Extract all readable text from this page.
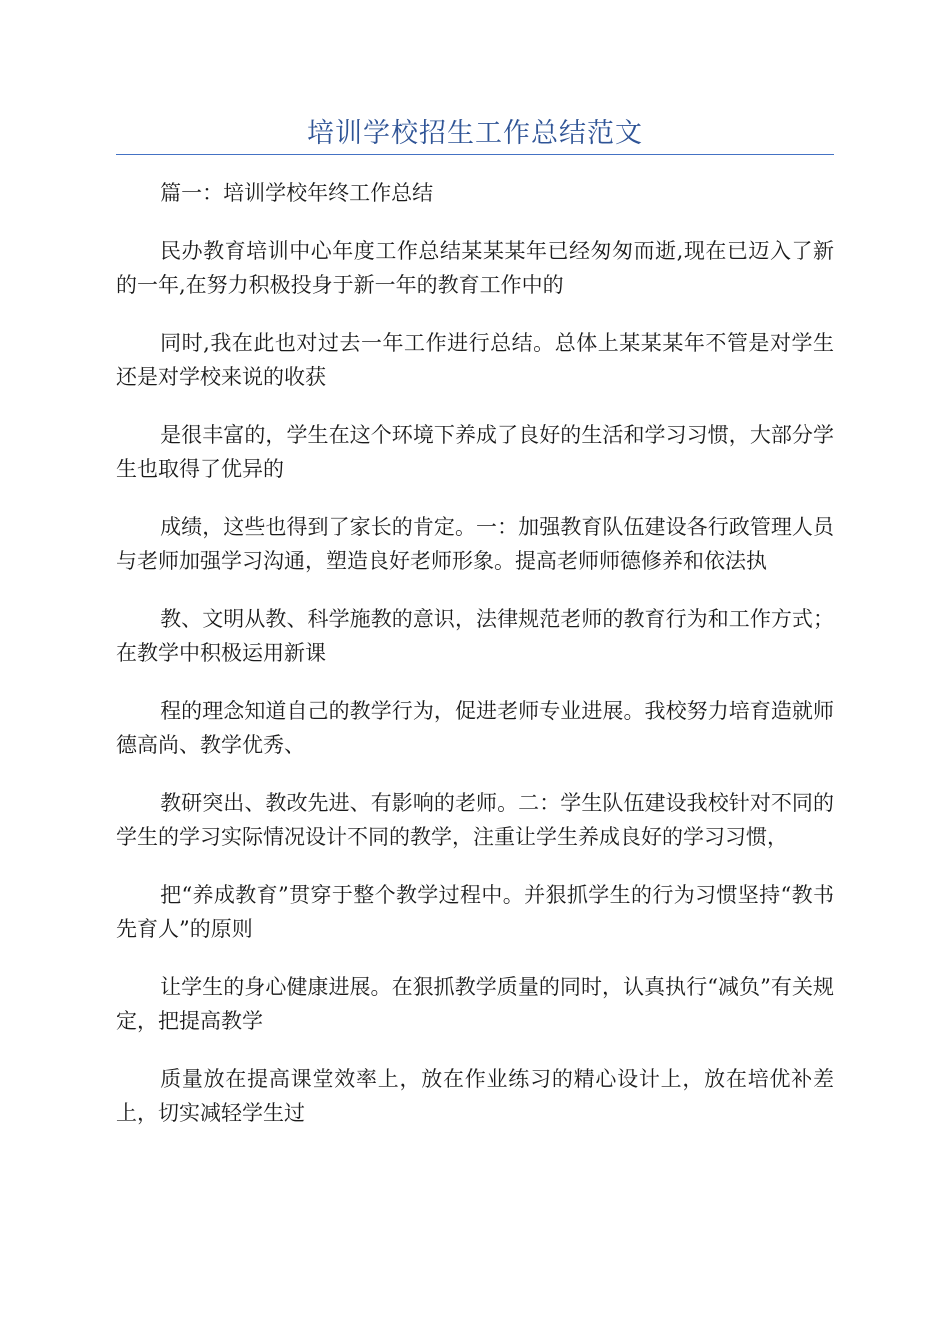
培训学校招生工作总结范文

篇一：培训学校年终工作总结

民办教育培训中心年度工作总结某某某年已经匆匆而逝,现在已迈入了新的一年,在努力积极投身于新一年的教育工作中的

同时,我在此也对过去一年工作进行总结。总体上某某某年不管是对学生还是对学校来说的收获

是很丰富的，学生在这个环境下养成了良好的生活和学习习惯，大部分学生也取得了优异的

成绩，这些也得到了家长的肯定。一：加强教育队伍建设各行政管理人员与老师加强学习沟通，塑造良好老师形象。提高老师师德修养和依法执

教、文明从教、科学施教的意识，法律规范老师的教育行为和工作方式；在教学中积极运用新课

程的理念知道自己的教学行为，促进老师专业进展。我校努力培育造就师德高尚、教学优秀、

教研突出、教改先进、有影响的老师。二：学生队伍建设我校针对不同的学生的学习实际情况设计不同的教学，注重让学生养成良好的学习习惯，

把“养成教育”贯穿于整个教学过程中。并狠抓学生的行为习惯坚持“教书先育人”的原则

让学生的身心健康进展。在狠抓教学质量的同时，认真执行“减负”有关规定，把提高教学

质量放在提高课堂效率上，放在作业练习的精心设计上，放在培优补差上，切实减轻学生过
